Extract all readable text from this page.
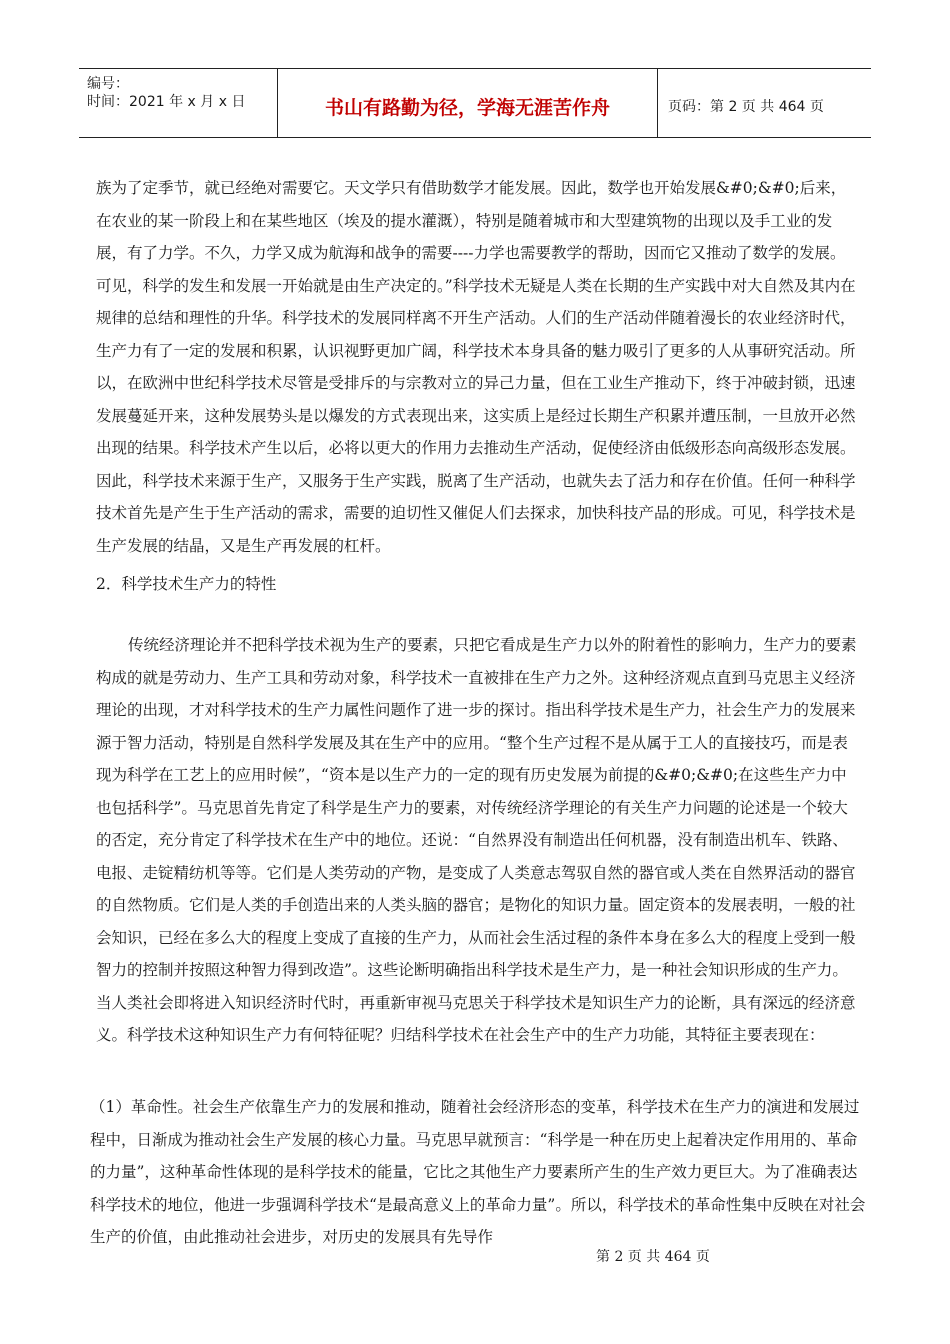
编号：
时间：2021 年 x 月 x 日	书山有路勤为径，学海无涯苦作舟	页码：第 2 页 共 464 页
族为了定季节，就已经绝对需要它。天文学只有借助数学才能发展。因此，数学也开始发展&#0;&#0;后来，在农业的某一阶段上和在某些地区（埃及的提水灌溉），特别是随着城市和大型建筑物的出现以及手工业的发展，有了力学。不久，力学又成为航海和战争的需要----力学也需要教学的帮助，因而它又推动了数学的发展。可见，科学的发生和发展一开始就是由生产决定的。”科学技术无疑是人类在长期的生产实践中对大自然及其内在规律的总结和理性的升华。科学技术的发展同样离不开生产活动。人们的生产活动伴随着漫长的农业经济时代，生产力有了一定的发展和积累，认识视野更加广阔，科学技术本身具备的魅力吸引了更多的人从事研究活动。所以，在欧洲中世纪科学技术尽管是受排斥的与宗教对立的异己力量，但在工业生产推动下，终于冲破封锁，迅速发展蔓延开来，这种发展势头是以爆发的方式表现出来，这实质上是经过长期生产积累并遭压制，一旦放开必然出现的结果。科学技术产生以后，必将以更大的作用力去推动生产活动，促使经济由低级形态向高级形态发展。因此，科学技术来源于生产，又服务于生产实践，脱离了生产活动，也就失去了活力和存在价值。任何一种科学技术首先是产生于生产活动的需求，需要的迫切性又催促人们去探求，加快科技产品的形成。可见，科学技术是生产发展的结晶，又是生产再发展的杠杆。
2．科学技术生产力的特性

传统经济理论并不把科学技术视为生产的要素，只把它看成是生产力以外的附着性的影响力，生产力的要素构成的就是劳动力、生产工具和劳动对象，科学技术一直被排在生产力之外。这种经济观点直到马克思主义经济理论的出现，才对科学技术的生产力属性问题作了进一步的探讨。指出科学技术是生产力，社会生产力的发展来源于智力活动，特别是自然科学发展及其在生产中的应用。“整个生产过程不是从属于工人的直接技巧，而是表现为科学在工艺上的应用时候”，“资本是以生产力的一定的现有历史发展为前提的&#0;&#0;在这些生产力中也包括科学”。马克思首先肯定了科学是生产力的要素，对传统经济学理论的有关生产力问题的论述是一个较大的否定，充分肯定了科学技术在生产中的地位。还说：“自然界没有制造出任何机器，没有制造出机车、铁路、电报、走锭精纺机等等。它们是人类劳动的产物，是变成了人类意志驾驭自然的器官或人类在自然界活动的器官的自然物质。它们是人类的手创造出来的人类头脑的器官；是物化的知识力量。固定资本的发展表明，一般的社会知识，已经在多么大的程度上变成了直接的生产力，从而社会生活过程的条件本身在多么大的程度上受到一般智力的控制并按照这种智力得到改造”。这些论断明确指出科学技术是生产力，是一种社会知识形成的生产力。当人类社会即将进入知识经济时代时，再重新审视马克思关于科学技术是知识生产力的论断，具有深远的经济意义。科学技术这种知识生产力有何特征呢？归结科学技术在社会生产中的生产力功能，其特征主要表现在：

（1）革命性。社会生产依靠生产力的发展和推动，随着社会经济形态的变革，科学技术在生产力的演进和发展过程中，日渐成为推动社会生产发展的核心力量。马克思早就预言：“科学是一种在历史上起着决定作用用的、革命的力量”，这种革命性体现的是科学技术的能量，它比之其他生产力要素所产生的生产效力更巨大。为了准确表达科学技术的地位，他进一步强调科学技术“是最高意义上的革命力量”。所以，科学技术的革命性集中反映在对社会生产的价值，由此推动社会进步，对历史的发展具有先导作
第 2 页 共 464 页
